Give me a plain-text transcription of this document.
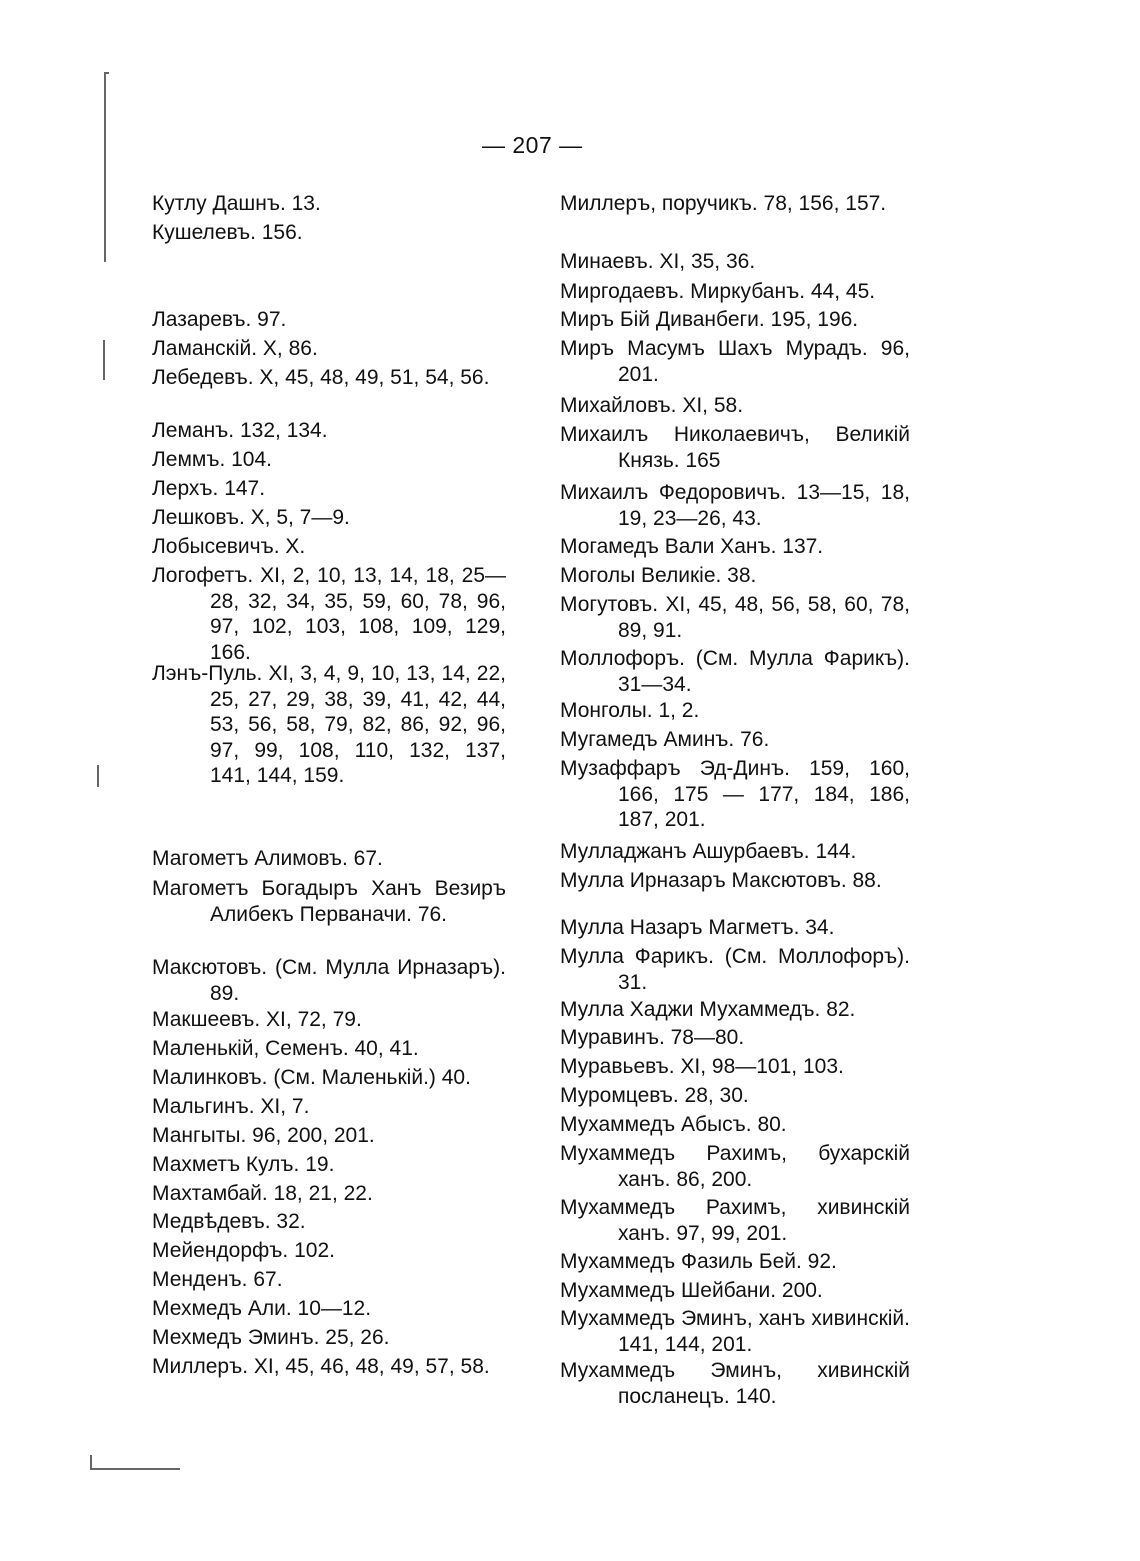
— 207 —
Кутлу Дашнъ. 13.
Кушелевъ. 156.
Лазаревъ. 97.
Ламанскій. X, 86.
Лебедевъ. X, 45, 48, 49, 51, 54, 56.
Леманъ. 132, 134.
Леммъ. 104.
Лерхъ. 147.
Лешковъ. X, 5, 7—9.
Лобысевичъ. X.
Логофетъ. XI, 2, 10, 13, 14, 18, 25—28, 32, 34, 35, 59, 60, 78, 96, 97, 102, 103, 108, 109, 129, 166.
Лэнъ-Пуль. XI, 3, 4, 9, 10, 13, 14, 22, 25, 27, 29, 38, 39, 41, 42, 44, 53, 56, 58, 79, 82, 86, 92, 96, 97, 99, 108, 110, 132, 137, 141, 144, 159.
Магометъ Алимовъ. 67.
Магометъ Богадыръ Ханъ Везиръ Алибекъ Перваначи. 76.
Максютовъ. (См. Мулла Ирназаръ). 89.
Макшеевъ. XI, 72, 79.
Маленькій, Семенъ. 40, 41.
Малинковъ. (См. Маленькій.) 40.
Мальгинъ. XI, 7.
Мангыты. 96, 200, 201.
Махметъ Кулъ. 19.
Махтамбай. 18, 21, 22.
Медвѣдевъ. 32.
Мейендорфъ. 102.
Менденъ. 67.
Мехмедъ Али. 10—12.
Мехмедъ Эминъ. 25, 26.
Миллеръ. XI, 45, 46, 48, 49, 57, 58.
Миллеръ, поручикъ. 78, 156, 157.
Минаевъ. XI, 35, 36.
Миргодаевъ. Миркубанъ. 44, 45.
Миръ Бій Диванбеги. 195, 196.
Миръ Масумъ Шахъ Мурадъ. 96, 201.
Михайловъ. XI, 58.
Михаилъ Николаевичъ, Великій Князь. 165
Михаилъ Федоровичъ. 13—15, 18, 19, 23—26, 43.
Могамедъ Вали Ханъ. 137.
Моголы Великіе. 38.
Могутовъ. XI, 45, 48, 56, 58, 60, 78, 89, 91.
Моллофоръ. (См. Мулла Фарикъ). 31—34.
Монголы. 1, 2.
Мугамедъ Аминъ. 76.
Музаффаръ Эд-Динъ. 159, 160, 166, 175 — 177, 184, 186, 187, 201.
Мулладжанъ Ашурбаевъ. 144.
Мулла Ирназаръ Максютовъ. 88.
Мулла Назаръ Магметъ. 34.
Мулла Фарикъ. (См. Моллофоръ). 31.
Мулла Хаджи Мухаммедъ. 82.
Муравинъ. 78—80.
Муравьевъ. XI, 98—101, 103.
Муромцевъ. 28, 30.
Мухаммедъ Абысъ. 80.
Мухаммедъ Рахимъ, бухарскій ханъ. 86, 200.
Мухаммедъ Рахимъ, хивинскій ханъ. 97, 99, 201.
Мухаммедъ Фазиль Бей. 92.
Мухаммедъ Шейбани. 200.
Мухаммедъ Эминъ, ханъ хивинскій. 141, 144, 201.
Мухаммедъ Эминъ, хивинскій посланецъ. 140.
